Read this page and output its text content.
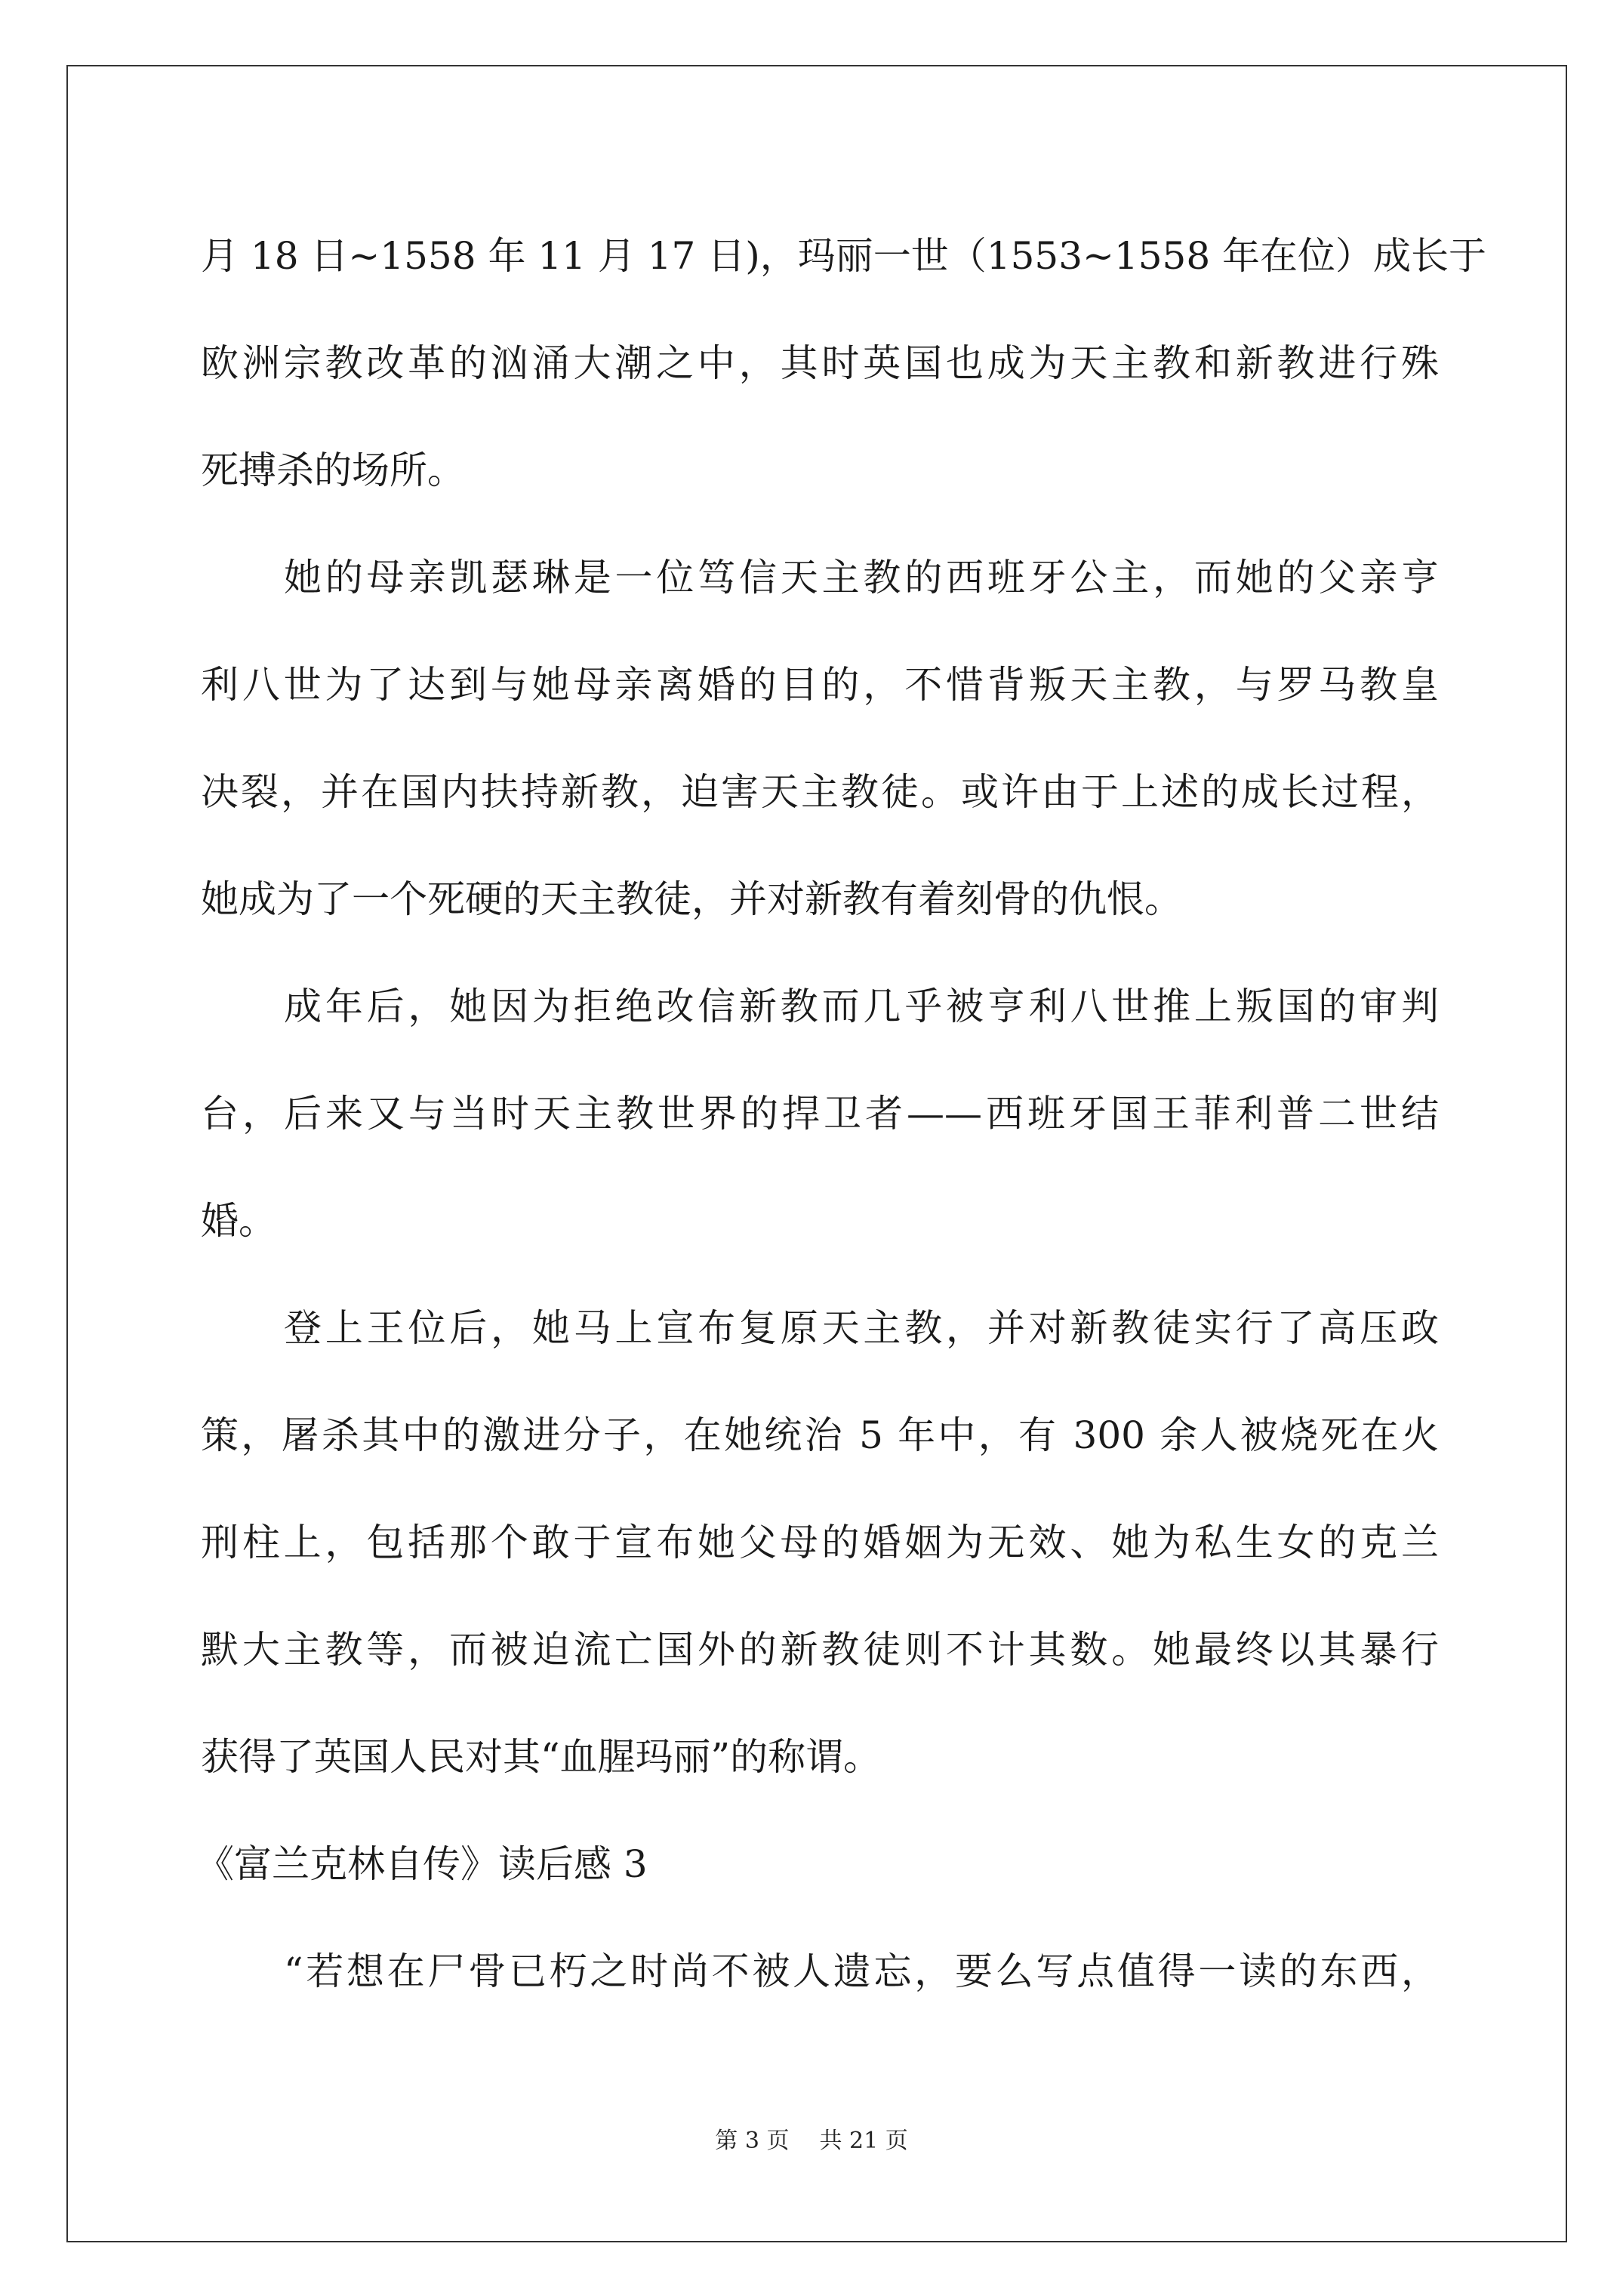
月 18 日~1558 年 11 月 17 日)，玛丽一世（1553~1558 年在位）成长于
欧洲宗教改革的汹涌大潮之中，其时英国也成为天主教和新教进行殊
死搏杀的场所。
她的母亲凯瑟琳是一位笃信天主教的西班牙公主，而她的父亲亨
利八世为了达到与她母亲离婚的目的，不惜背叛天主教，与罗马教皇
决裂，并在国内扶持新教，迫害天主教徒。或许由于上述的成长过程，
她成为了一个死硬的天主教徒，并对新教有着刻骨的仇恨。
成年后，她因为拒绝改信新教而几乎被亨利八世推上叛国的审判
台，后来又与当时天主教世界的捍卫者——西班牙国王菲利普二世结
婚。
登上王位后，她马上宣布复原天主教，并对新教徒实行了高压政
策，屠杀其中的激进分子，在她统治 5 年中，有 300 余人被烧死在火
刑柱上，包括那个敢于宣布她父母的婚姻为无效、她为私生女的克兰
默大主教等，而被迫流亡国外的新教徒则不计其数。她最终以其暴行
获得了英国人民对其“血腥玛丽”的称谓。
《富兰克林自传》读后感 3
“若想在尸骨已朽之时尚不被人遗忘，要么写点值得一读的东西，
第 3 页 共 21 页
